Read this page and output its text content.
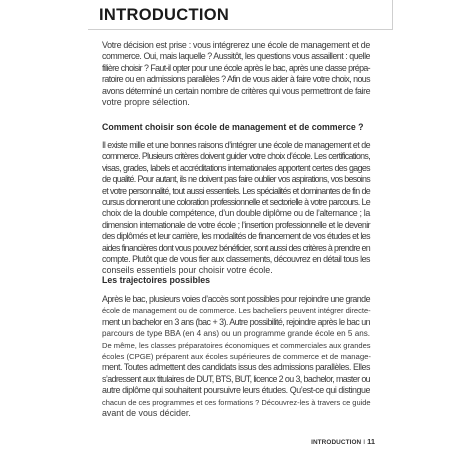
INTRODUCTION
Votre décision est prise : vous intégrerez une école de management et de
commerce. Oui, mais laquelle ? Aussitôt, les questions vous assaillent : quelle
filière choisir ? Faut-il opter pour une école après le bac, après une classe prépa-
ratoire ou en admissions parallèles ? Afin de vous aider à faire votre choix, nous
avons déterminé un certain nombre de critères qui vous permettront de faire
votre propre sélection.
Comment choisir son école de management et de commerce ?
Il existe mille et une bonnes raisons d’intégrer une école de management et de
commerce. Plusieurs critères doivent guider votre choix d’école. Les certifications,
visas, grades, labels et accréditations internationales apportent certes des gages
de qualité. Pour autant, ils ne doivent pas faire oublier vos aspirations, vos besoins
et votre personnalité, tout aussi essentiels. Les spécialités et dominantes de fin de
cursus donneront une coloration professionnelle et sectorielle à votre parcours. Le
choix de la double compétence, d’un double diplôme ou de l’alternance ; la
dimension internationale de votre école ; l’insertion professionnelle et le devenir
des diplômés et leur carrière, les modalités de financement de vos études et les
aides financières dont vous pouvez bénéficier, sont aussi des critères à prendre en
compte. Plutôt que de vous fier aux classements, découvrez en détail tous les
conseils essentiels pour choisir votre école.
Les trajectoires possibles
Après le bac, plusieurs voies d’accès sont possibles pour rejoindre une grande
école de management ou de commerce. Les bacheliers peuvent intégrer directe-
ment un bachelor en 3 ans (bac + 3). Autre possibilité, rejoindre après le bac un
parcours de type BBA (en 4 ans) ou un programme grande école en 5 ans.
De même, les classes préparatoires économiques et commerciales aux grandes
écoles (CPGE) préparent aux écoles supérieures de commerce et de manage-
ment. Toutes admettent des candidats issus des admissions parallèles. Elles
s’adressent aux titulaires de DUT, BTS, BUT, licence 2 ou 3, bachelor, master ou
autre diplôme qui souhaitent poursuivre leurs études. Qu’est-ce qui distingue
chacun de ces programmes et ces formations ? Découvrez-les à travers ce guide
avant de vous décider.
INTRODUCTION I 11
